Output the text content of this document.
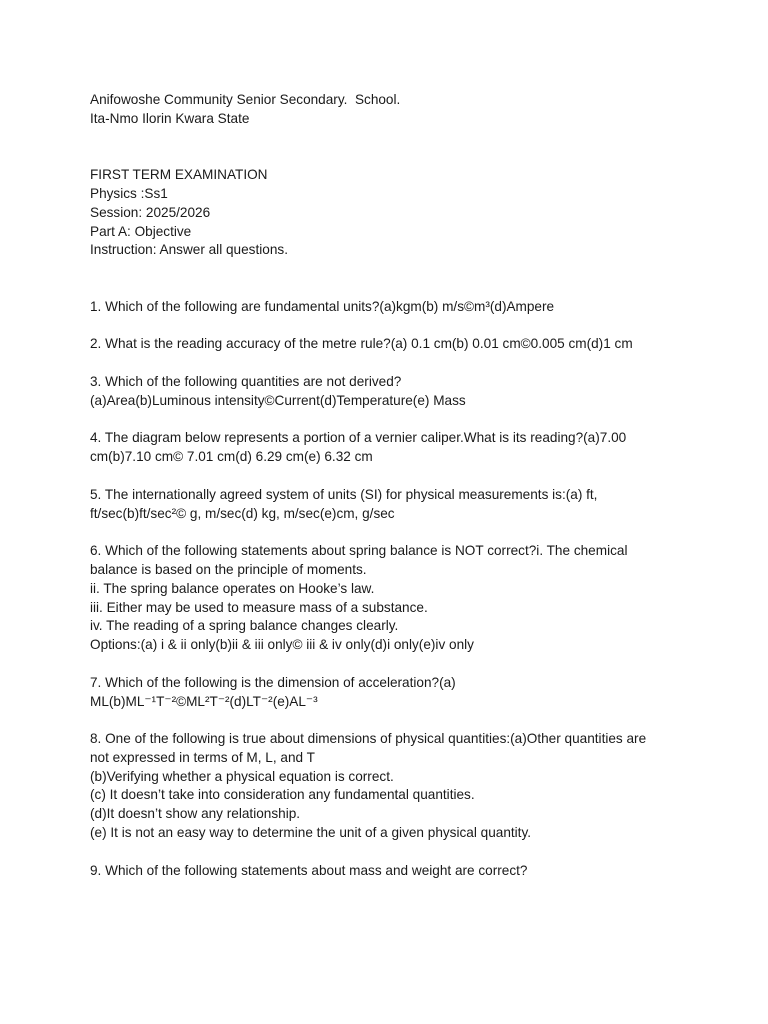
Anifowoshe Community Senior Secondary.  School.
Ita-Nmo Ilorin Kwara State
FIRST TERM EXAMINATION
Physics :Ss1
Session: 2025/2026
Part A: Objective
Instruction: Answer all questions.
1. Which of the following are fundamental units?(a)kgm(b) m/s©m³(d)Ampere
2. What is the reading accuracy of the metre rule?(a) 0.1 cm(b) 0.01 cm©0.005 cm(d)1 cm
3. Which of the following quantities are not derived?
(a)Area(b)Luminous intensity©Current(d)Temperature(e) Mass
4. The diagram below represents a portion of a vernier caliper.What is its reading?(a)7.00
cm(b)7.10 cm© 7.01 cm(d) 6.29 cm(e) 6.32 cm
5. The internationally agreed system of units (SI) for physical measurements is:(a) ft,
ft/sec(b)ft/sec²© g, m/sec(d) kg, m/sec(e)cm, g/sec
6. Which of the following statements about spring balance is NOT correct?i. The chemical
balance is based on the principle of moments.
ii. The spring balance operates on Hooke’s law.
iii. Either may be used to measure mass of a substance.
iv. The reading of a spring balance changes clearly.
Options:(a) i & ii only(b)ii & iii only© iii & iv only(d)i only(e)iv only
7. Which of the following is the dimension of acceleration?(a)
ML(b)ML⁻¹T⁻²©ML²T⁻²(d)LT⁻²(e)AL⁻³
8. One of the following is true about dimensions of physical quantities:(a)Other quantities are
not expressed in terms of M, L, and T
(b)Verifying whether a physical equation is correct.
(c) It doesn’t take into consideration any fundamental quantities.
(d)It doesn’t show any relationship.
(e) It is not an easy way to determine the unit of a given physical quantity.
9. Which of the following statements about mass and weight are correct?
